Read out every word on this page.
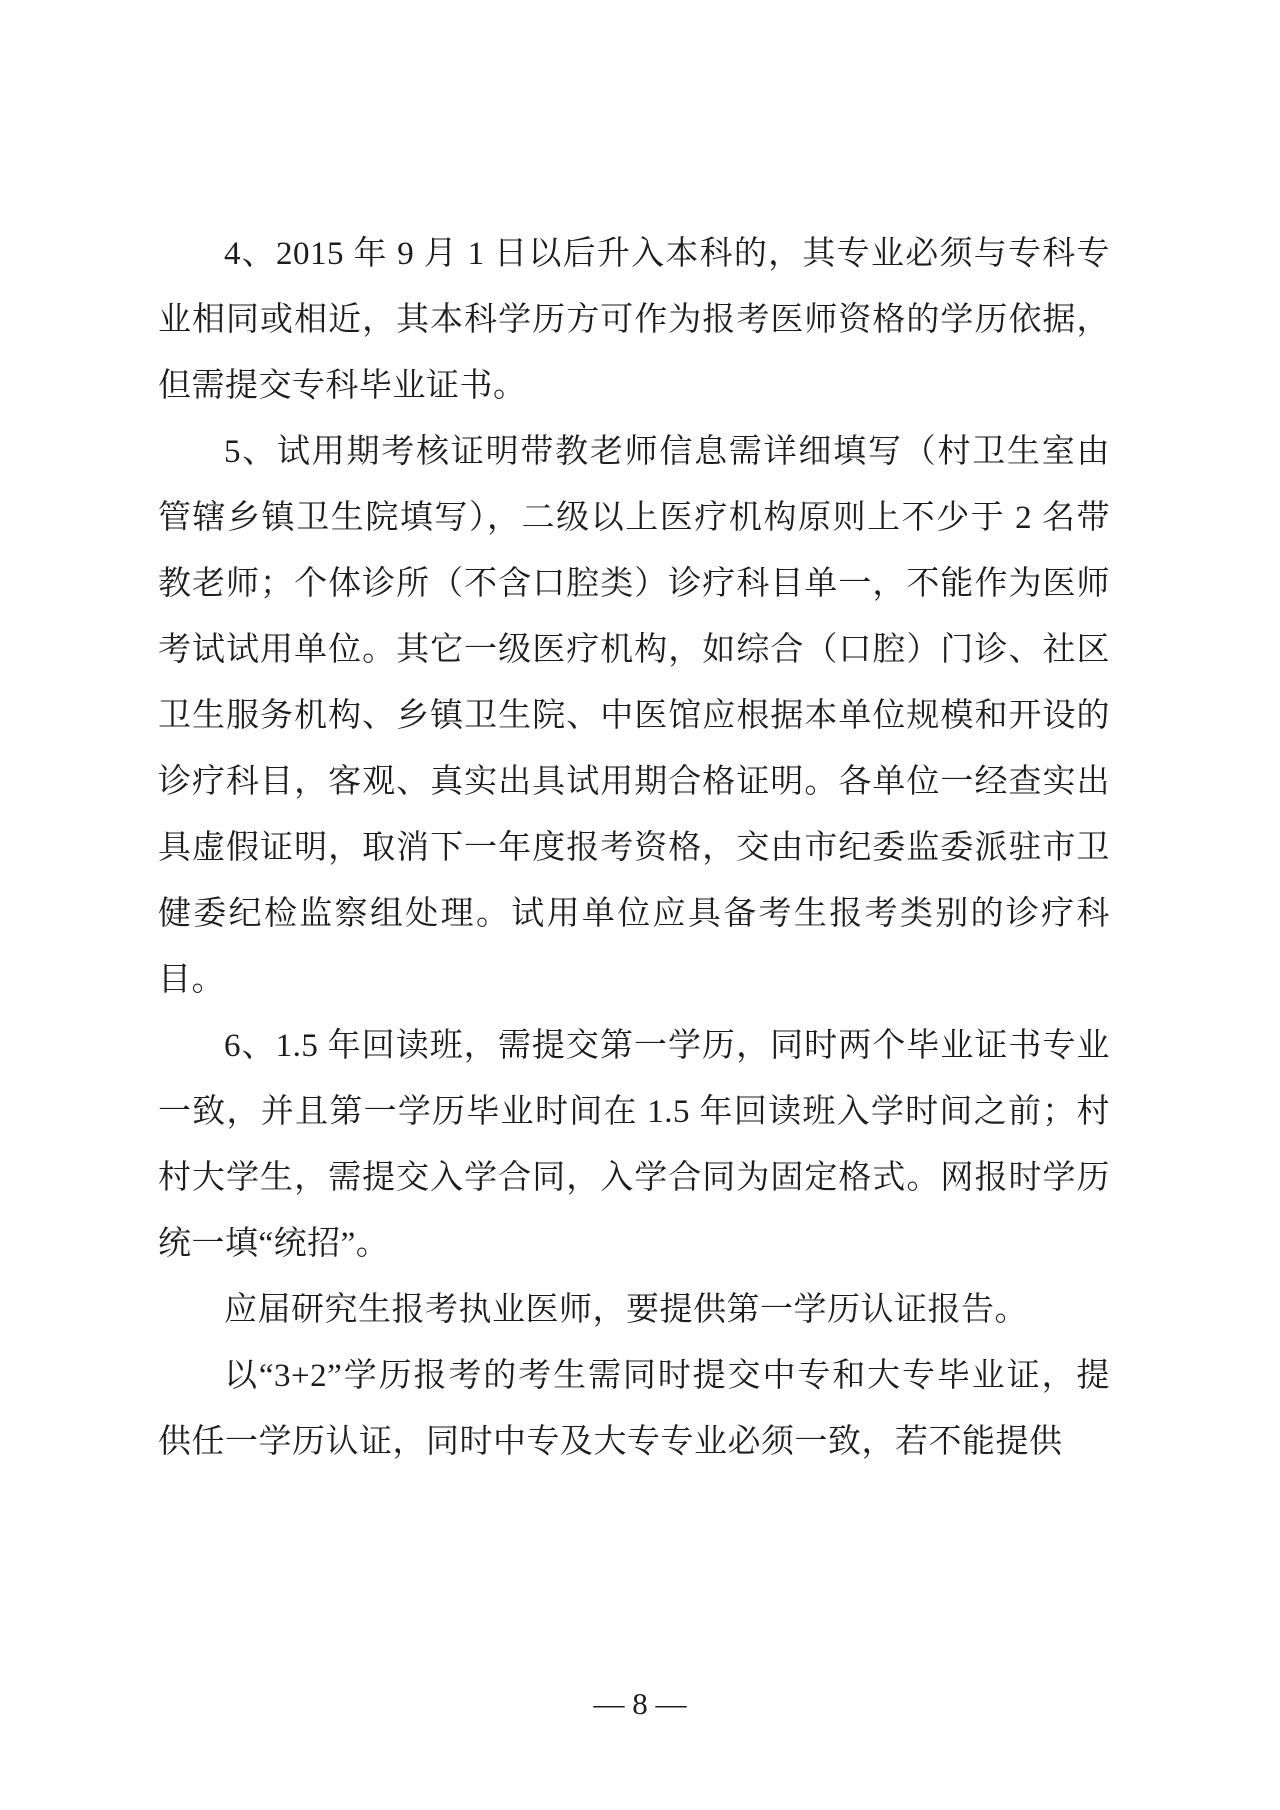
4、2015 年 9 月 1 日以后升入本科的，其专业必须与专科专业相同或相近，其本科学历方可作为报考医师资格的学历依据，但需提交专科毕业证书。

5、试用期考核证明带教老师信息需详细填写（村卫生室由管辖乡镇卫生院填写），二级以上医疗机构原则上不少于 2 名带教老师；个体诊所（不含口腔类）诊疗科目单一，不能作为医师考试试用单位。其它一级医疗机构，如综合（口腔）门诊、社区卫生服务机构、乡镇卫生院、中医馆应根据本单位规模和开设的诊疗科目，客观、真实出具试用期合格证明。各单位一经查实出具虚假证明，取消下一年度报考资格，交由市纪委监委派驻市卫健委纪检监察组处理。试用单位应具备考生报考类别的诊疗科目。

6、1.5 年回读班，需提交第一学历，同时两个毕业证书专业一致，并且第一学历毕业时间在 1.5 年回读班入学时间之前；村村大学生，需提交入学合同，入学合同为固定格式。网报时学历统一填“统招”。

应届研究生报考执业医师，要提供第一学历认证报告。

以“3+2”学历报考的考生需同时提交中专和大专毕业证，提供任一学历认证，同时中专及大专专业必须一致，若不能提供

— 8 —
